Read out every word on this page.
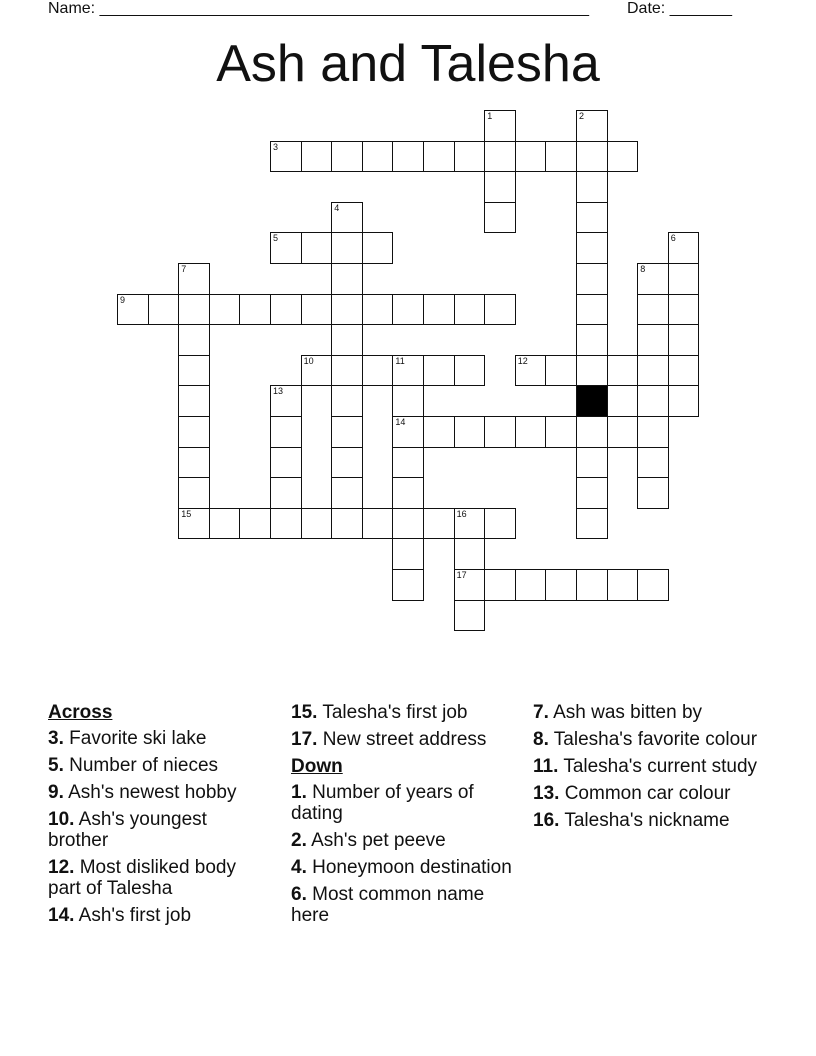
Name: _______________________________________________________ Date: _______
Ash and Talesha
1	2
3
4
5	6
7	8
9
10	11
14
12
13
15	16
17
Across
3. Favorite ski lake
5. Number of nieces
9. Ash's newest hobby
10. Ash's youngest brother
12. Most disliked body part of Talesha
14. Ash's first job
15. Talesha's first job
17. New street address
Down
1. Number of years of dating
2. Ash's pet peeve
4. Honeymoon destination
6. Most common name here
7. Ash was bitten by
8. Talesha's favorite colour
11. Talesha's current study
13. Common car colour
16. Talesha's nickname
